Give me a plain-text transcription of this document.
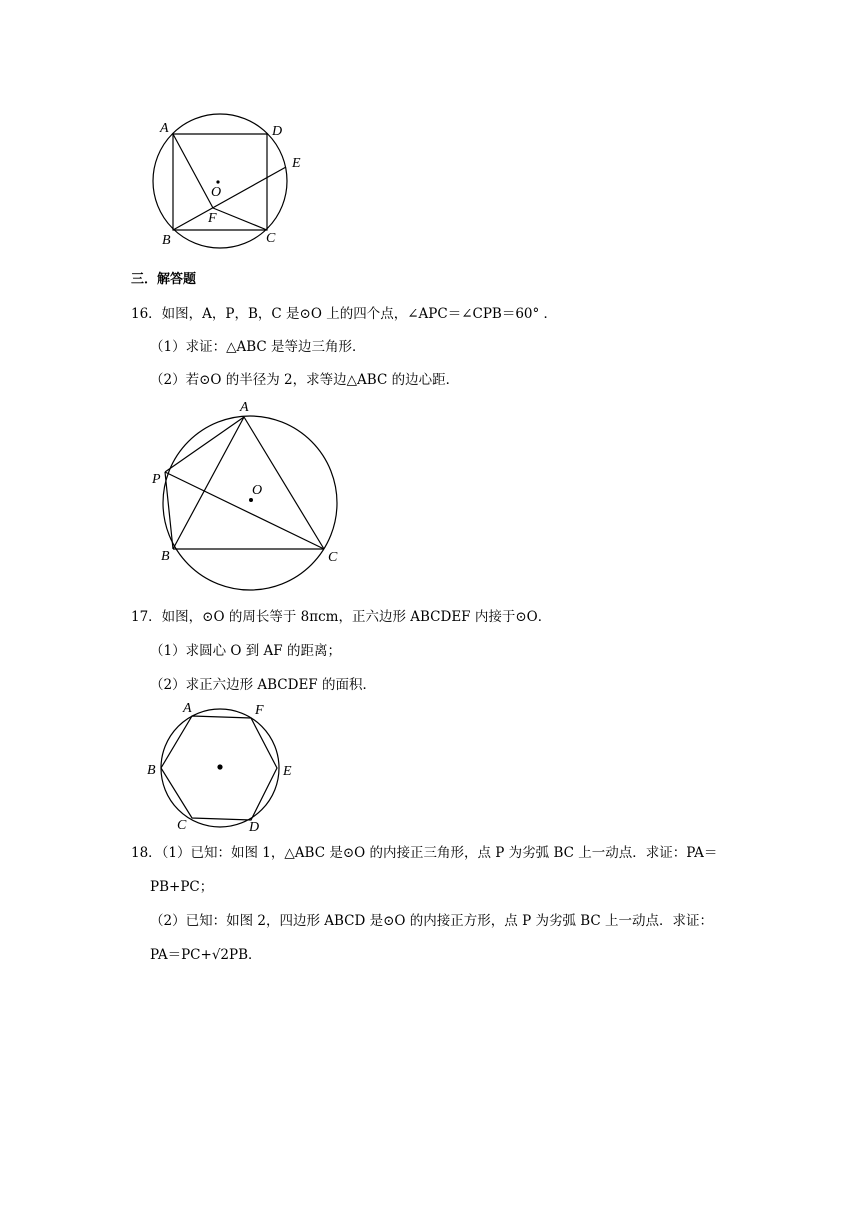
A	D
E
O
F
B	C
三．解答题
16．如图，A，P，B，C 是⊙O 上的四个点，∠APC＝∠CPB＝60° ．
（1）求证：△ABC 是等边三角形．
（2）若⊙O 的半径为 2，求等边△ABC 的边心距．
A
P
O
B	C
17．如图，⊙O 的周长等于 8πcm，正六边形 ABCDEF 内接于⊙O．
（1）求圆心 O 到 AF 的距离；
（2）求正六边形 ABCDEF 的面积．
A	F
B	E
C	D
18．（1）已知：如图 1，△ABC 是⊙O 的内接正三角形，点 P 为劣弧 BC 上一动点．求证：PA＝
PB+PC；
（2）已知：如图 2，四边形 ABCD 是⊙O 的内接正方形，点 P 为劣弧 BC 上一动点．求证：
PA＝PC+√2PB．
